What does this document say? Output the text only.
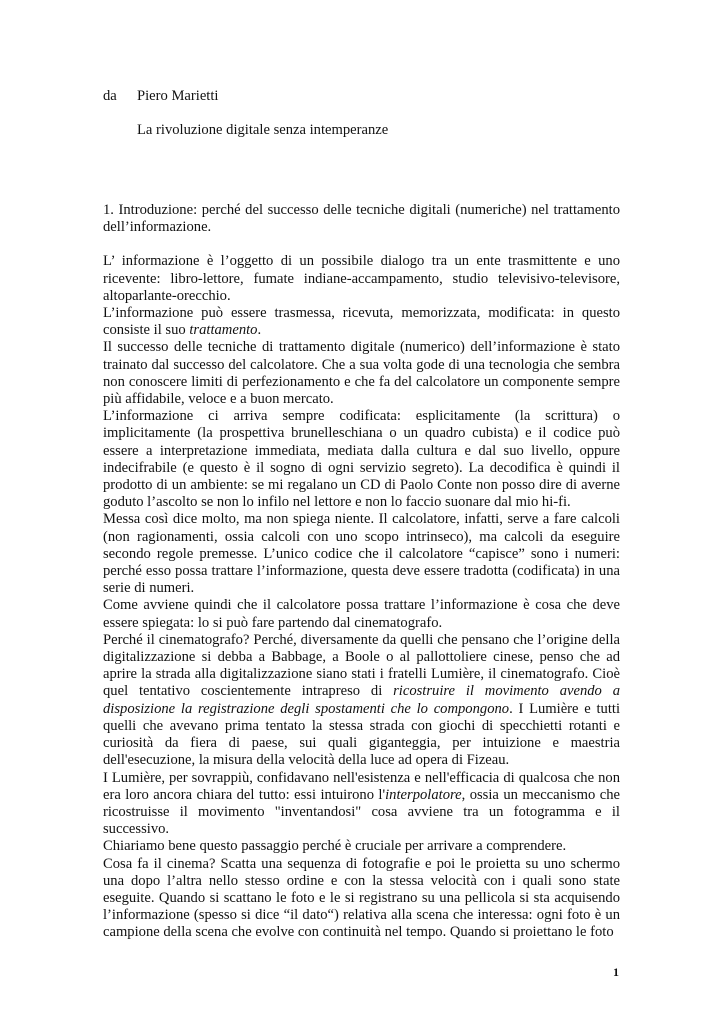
da Piero Marietti
La rivoluzione digitale senza intemperanze

1. Introduzione: perché del successo delle tecniche digitali (numeriche) nel trattamento dell’informazione.

L’ informazione è l’oggetto di un possibile dialogo tra un ente trasmittente e uno ricevente: libro-lettore, fumate indiane-accampamento, studio televisivo-televisore, altoparlante-orecchio.

L’informazione può essere trasmessa, ricevuta, memorizzata, modificata: in questo consiste il suo trattamento.

Il successo delle tecniche di trattamento digitale (numerico) dell’informazione è stato trainato dal successo del calcolatore. Che a sua volta gode di una tecnologia che sembra non conoscere limiti di perfezionamento e che fa del calcolatore un componente sempre più affidabile, veloce e a buon mercato.

L’informazione ci arriva sempre codificata: esplicitamente (la scrittura) o implicitamente (la prospettiva brunelleschiana o un quadro cubista) e il codice può essere a interpretazione immediata, mediata dalla cultura e dal suo livello, oppure indecifrabile (e questo è il sogno di ogni servizio segreto). La decodifica è quindi il prodotto di un ambiente: se mi regalano un CD di Paolo Conte non posso dire di averne goduto l’ascolto se non lo infilo nel lettore e non lo faccio suonare dal mio hi-fi.

Messa così dice molto, ma non spiega niente. Il calcolatore, infatti, serve a fare calcoli (non ragionamenti, ossia calcoli con uno scopo intrinseco), ma calcoli da eseguire secondo regole premesse. L’unico codice che il calcolatore “capisce” sono i numeri: perché esso possa trattare l’informazione, questa deve essere tradotta (codificata) in una serie di numeri.

Come avviene quindi che il calcolatore possa trattare l’informazione è cosa che deve essere spiegata: lo si può fare partendo dal cinematografo.

Perché il cinematografo? Perché, diversamente da quelli che pensano che l’origine della digitalizzazione si debba a Babbage, a Boole o al pallottoliere cinese, penso che ad aprire la strada alla digitalizzazione siano stati i fratelli Lumière, il cinematografo. Cioè quel tentativo coscientemente intrapreso di ricostruire il movimento avendo a disposizione la registrazione degli spostamenti che lo compongono. I Lumière e tutti quelli che avevano prima tentato la stessa strada con giochi di specchietti rotanti e curiosità da fiera di paese, sui quali giganteggia, per intuizione e maestria dell'esecuzione, la misura della velocità della luce ad opera di Fizeau.

I Lumière, per sovrappiù, confidavano nell'esistenza e nell'efficacia di qualcosa che non era loro ancora chiara del tutto: essi intuirono l'interpolatore, ossia un meccanismo che ricostruisse il movimento "inventandosi" cosa avviene tra un fotogramma e il successivo.

Chiariamo bene questo passaggio perché è cruciale per arrivare a comprendere.

Cosa fa il cinema? Scatta una sequenza di fotografie e poi le proietta su uno schermo una dopo l’altra nello stesso ordine e con la stessa velocità con i quali sono state eseguite. Quando si scattano le foto e le si registrano su una pellicola si sta acquisendo l’informazione (spesso si dice “il dato“) relativa alla scena che interessa: ogni foto è un campione della scena che evolve con continuità nel tempo. Quando si proiettano le foto

1
